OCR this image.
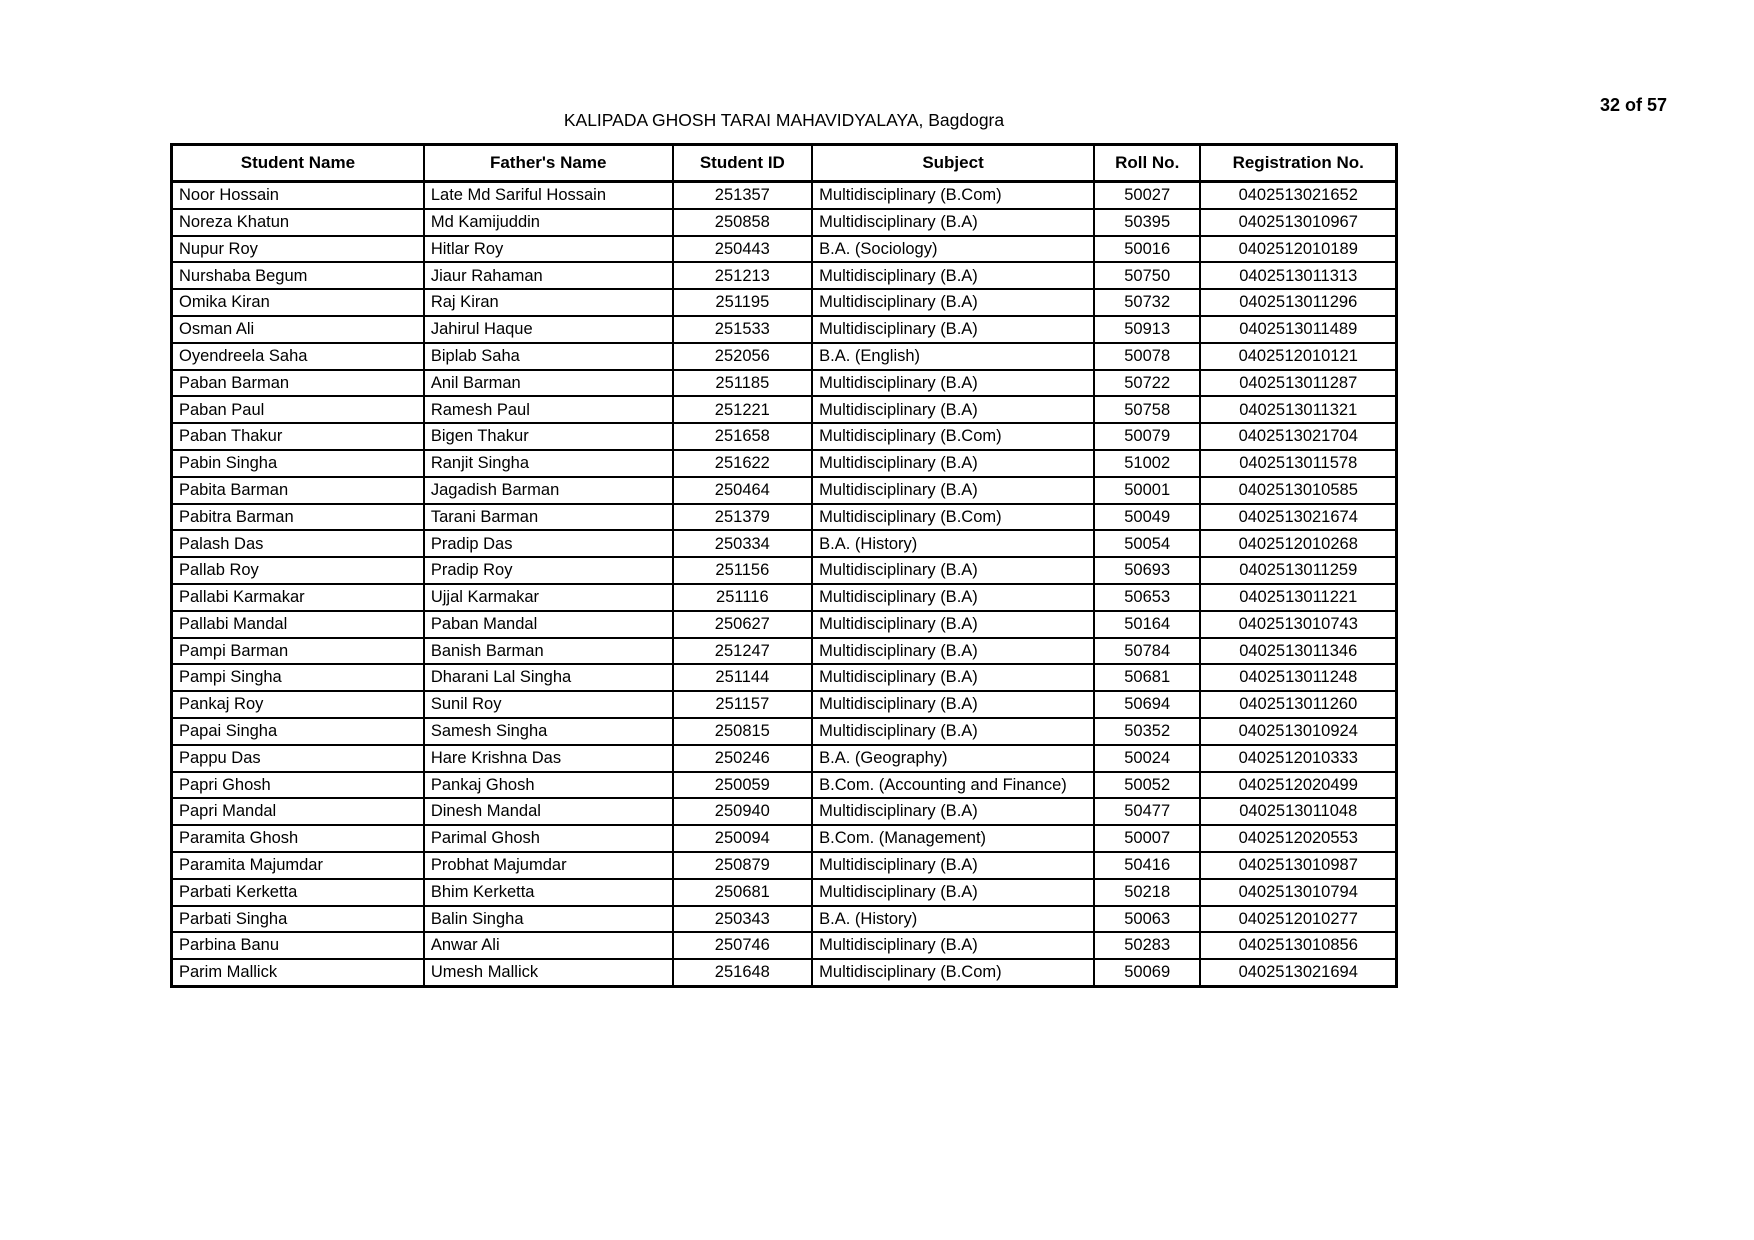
32 of 57
KALIPADA GHOSH TARAI MAHAVIDYALAYA, Bagdogra
Student Name	Father's Name	Student ID	Subject	Roll No.	Registration No.
Noor Hossain	Late Md Sariful Hossain	251357	Multidisciplinary (B.Com)	50027	0402513021652
Noreza Khatun	Md Kamijuddin	250858	Multidisciplinary (B.A)	50395	0402513010967
Nupur Roy	Hitlar Roy	250443	B.A. (Sociology)	50016	0402512010189
Nurshaba Begum	Jiaur Rahaman	251213	Multidisciplinary (B.A)	50750	0402513011313
Omika Kiran	Raj Kiran	251195	Multidisciplinary (B.A)	50732	0402513011296
Osman Ali	Jahirul Haque	251533	Multidisciplinary (B.A)	50913	0402513011489
Oyendreela Saha	Biplab Saha	252056	B.A. (English)	50078	0402512010121
Paban Barman	Anil Barman	251185	Multidisciplinary (B.A)	50722	0402513011287
Paban Paul	Ramesh Paul	251221	Multidisciplinary (B.A)	50758	0402513011321
Paban Thakur	Bigen Thakur	251658	Multidisciplinary (B.Com)	50079	0402513021704
Pabin Singha	Ranjit Singha	251622	Multidisciplinary (B.A)	51002	0402513011578
Pabita Barman	Jagadish Barman	250464	Multidisciplinary (B.A)	50001	0402513010585
Pabitra Barman	Tarani Barman	251379	Multidisciplinary (B.Com)	50049	0402513021674
Palash Das	Pradip Das	250334	B.A. (History)	50054	0402512010268
Pallab Roy	Pradip Roy	251156	Multidisciplinary (B.A)	50693	0402513011259
Pallabi Karmakar	Ujjal Karmakar	251116	Multidisciplinary (B.A)	50653	0402513011221
Pallabi Mandal	Paban Mandal	250627	Multidisciplinary (B.A)	50164	0402513010743
Pampi Barman	Banish Barman	251247	Multidisciplinary (B.A)	50784	0402513011346
Pampi Singha	Dharani Lal Singha	251144	Multidisciplinary (B.A)	50681	0402513011248
Pankaj Roy	Sunil Roy	251157	Multidisciplinary (B.A)	50694	0402513011260
Papai Singha	Samesh Singha	250815	Multidisciplinary (B.A)	50352	0402513010924
Pappu Das	Hare Krishna Das	250246	B.A. (Geography)	50024	0402512010333
Papri Ghosh	Pankaj Ghosh	250059	B.Com. (Accounting and Finance)	50052	0402512020499
Papri Mandal	Dinesh Mandal	250940	Multidisciplinary (B.A)	50477	0402513011048
Paramita Ghosh	Parimal Ghosh	250094	B.Com. (Management)	50007	0402512020553
Paramita Majumdar	Probhat Majumdar	250879	Multidisciplinary (B.A)	50416	0402513010987
Parbati Kerketta	Bhim Kerketta	250681	Multidisciplinary (B.A)	50218	0402513010794
Parbati Singha	Balin Singha	250343	B.A. (History)	50063	0402512010277
Parbina Banu	Anwar Ali	250746	Multidisciplinary (B.A)	50283	0402513010856
Parim Mallick	Umesh Mallick	251648	Multidisciplinary (B.Com)	50069	0402513021694
